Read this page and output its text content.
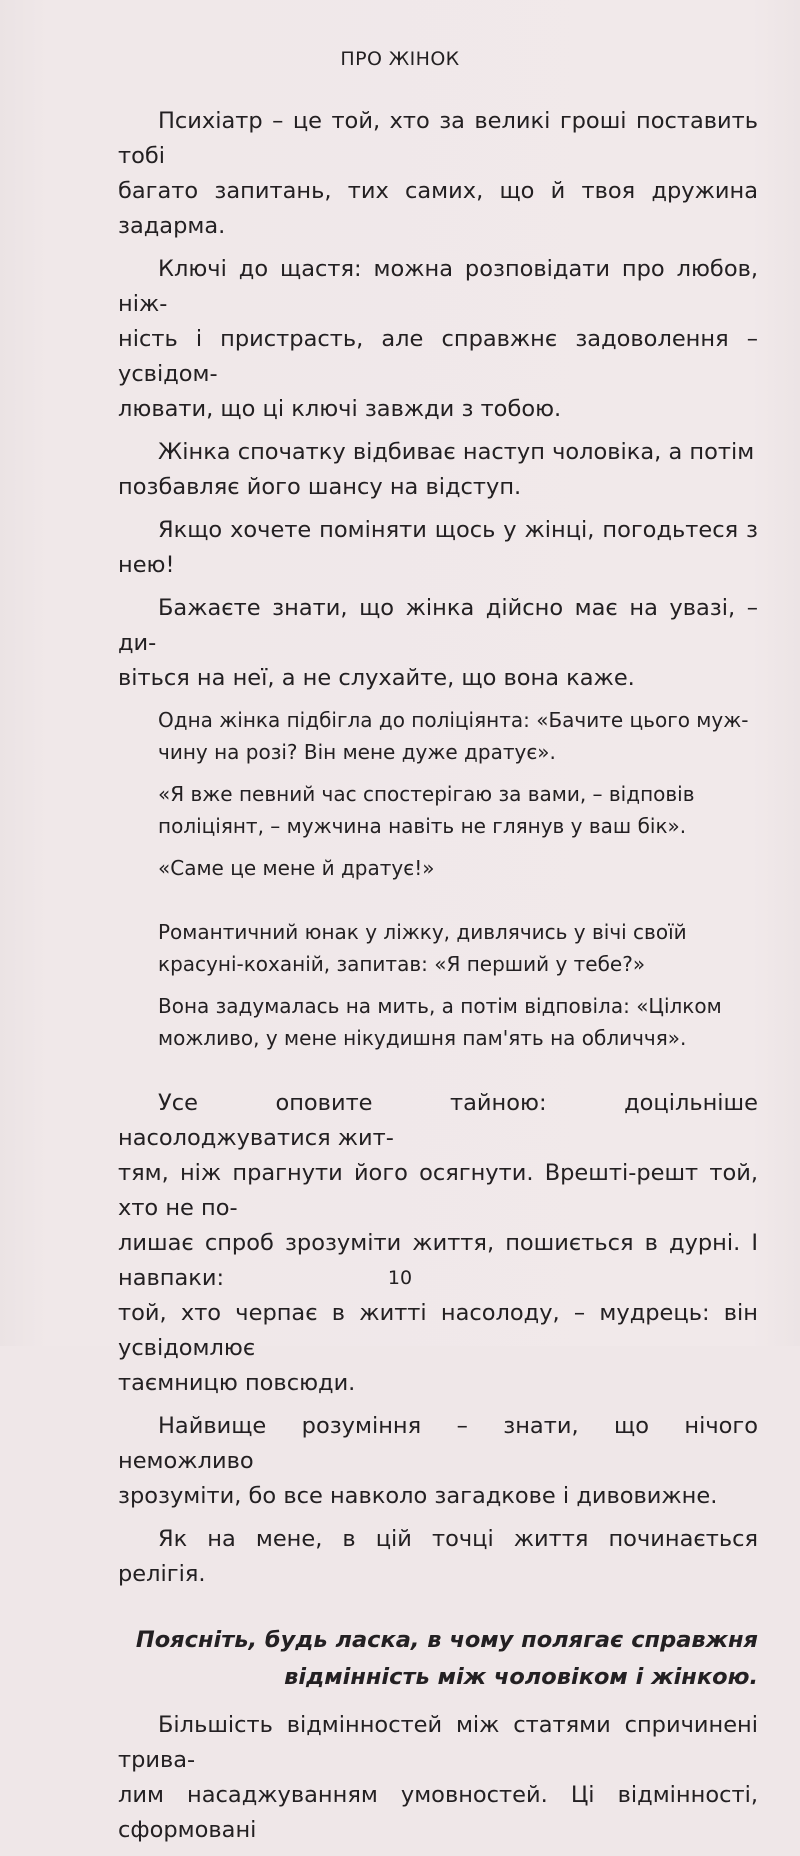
ПРО ЖІНОК

Психіатр – це той, хто за великі гроші поставить тобі
багато запитань, тих самих, що й твоя дружина задарма.

Ключі до щастя: можна розповідати про любов, ніж-
ність і пристрасть, але справжнє задоволення – усвідом-
лювати, що ці ключі завжди з тобою.

Жінка спочатку відбиває наступ чоловіка, а потім
позбавляє його шансу на відступ.

Якщо хочете поміняти щось у жінці, погодьтеся з нею!

Бажаєте знати, що жінка дійсно має на увазі, – ди-
віться на неї, а не слухайте, що вона каже.

Одна жінка підбігла до поліціянта: «Бачите цього муж-
чину на розі? Він мене дуже дратує».

«Я вже певний час спостерігаю за вами, – відповів
поліціянт, – мужчина навіть не глянув у ваш бік».

«Саме це мене й дратує!»

Романтичний юнак у ліжку, дивлячись у вічі своїй
красуні-коханій, запитав: «Я перший у тебе?»

Вона задумалась на мить, а потім відповіла: «Цілком
можливо, у мене нікудишня пам'ять на обличчя».

Усе оповите тайною: доцільніше насолоджуватися жит-
тям, ніж прагнути його осягнути. Врешті-решт той, хто не по-
лишає спроб зрозуміти життя, пошиється в дурні. І навпаки:
той, хто черпає в житті насолоду, – мудрець: він усвідомлює
таємницю повсюди.

Найвище розуміння – знати, що нічого неможливо
зрозуміти, бо все навколо загадкове і дивовижне.

Як на мене, в цій точці життя починається релігія.

Поясніть, будь ласка, в чому полягає справжня
відмінність між чоловіком і жінкою.

Більшість відмінностей між статями спричинені трива-
лим насаджуванням умовностей. Ці відмінності, сформовані

10
